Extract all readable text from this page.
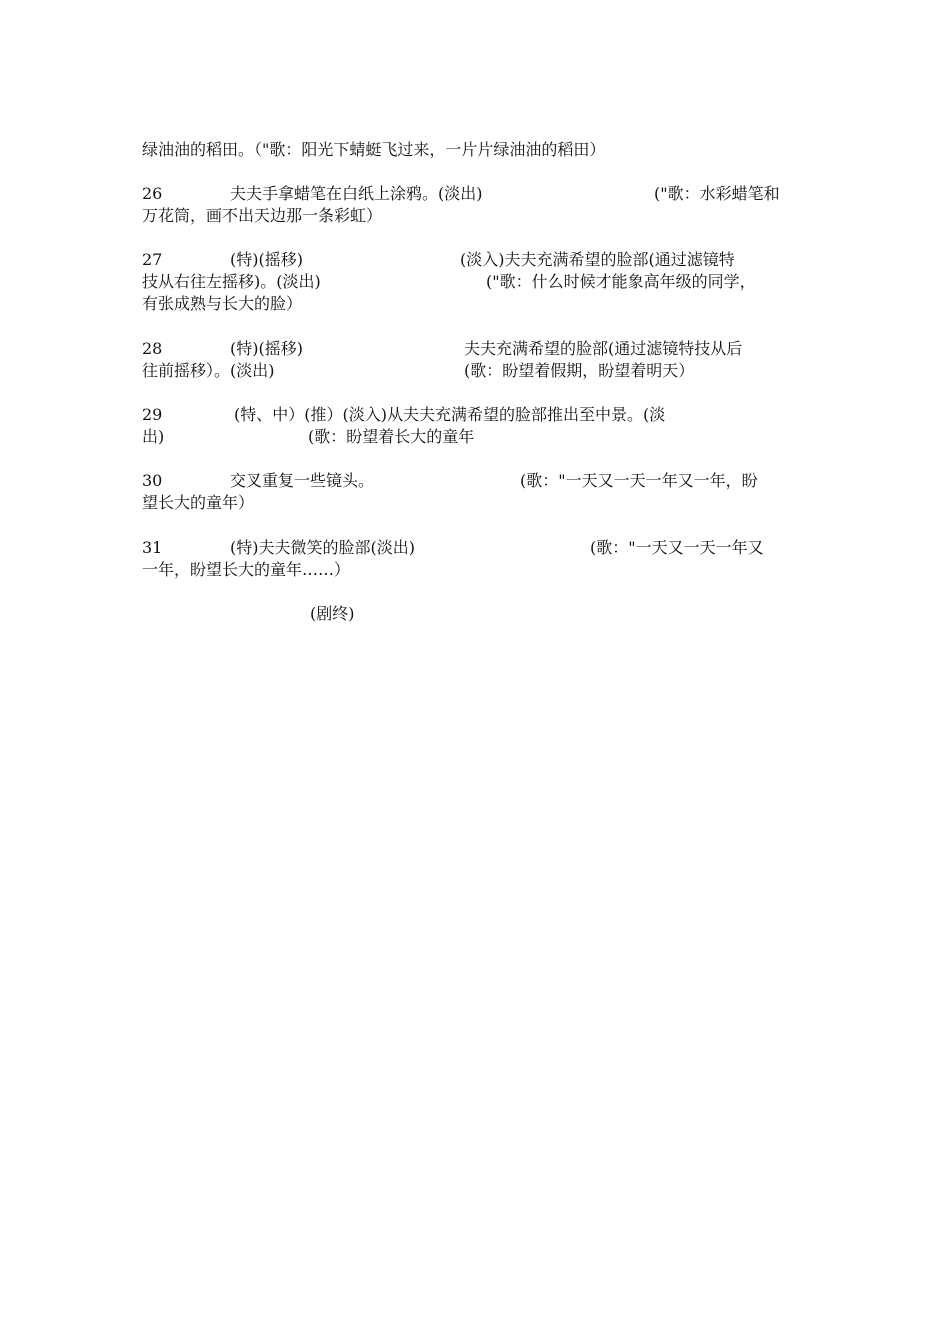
绿油油的稻田。（"歌：阳光下蜻蜓飞过来，一片片绿油油的稻田）
26	夫夫手拿蜡笔在白纸上涂鸦。(淡出)	("歌：水彩蜡笔和
万花筒，画不出天边那一条彩虹）
27	(特)(摇移)	(淡入)夫夫充满希望的脸部(通过滤镜特
技从右往左摇移)。(淡出)	("歌：什么时候才能象高年级的同学，
有张成熟与长大的脸）
28	(特)(摇移)	夫夫充满希望的脸部(通过滤镜特技从后
往前摇移）。(淡出)	(歌：盼望着假期，盼望着明天）
29	(特、中）(推）(淡入)从夫夫充满希望的脸部推出至中景。(淡
出)	(歌：盼望着长大的童年
30	交叉重复一些镜头。	(歌："一天又一天一年又一年，盼
望长大的童年）
31	(特)夫夫微笑的脸部(淡出)	(歌："一天又一天一年又
一年，盼望长大的童年……）
(剧终)
